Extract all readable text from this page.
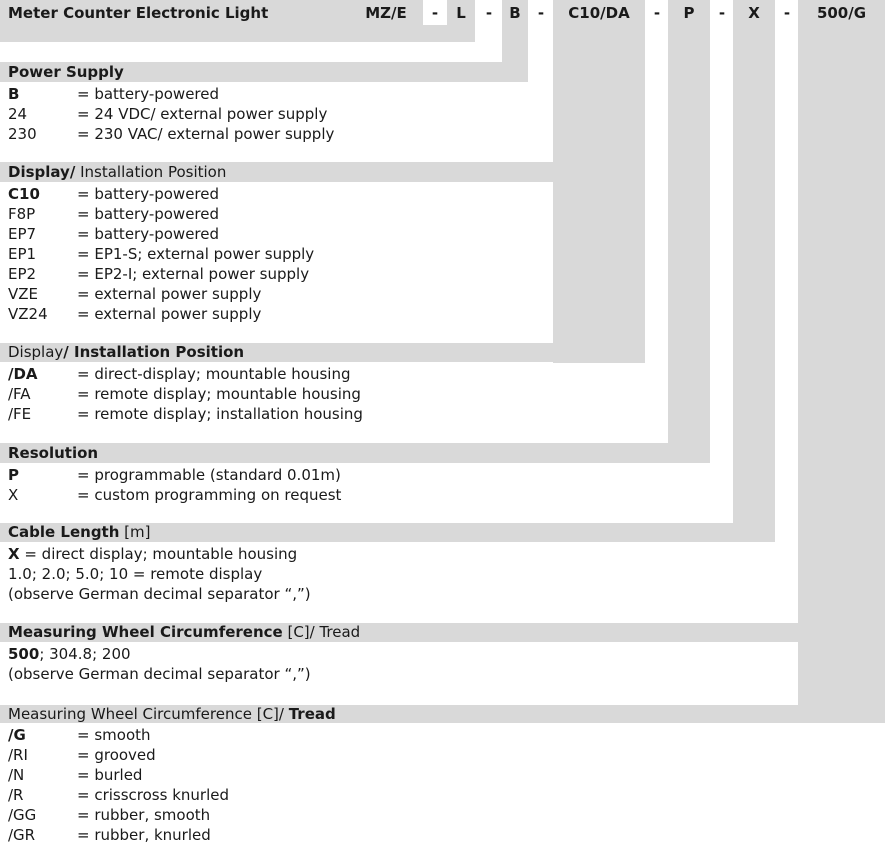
Meter Counter Electronic Light	MZ/E	-	L	-	B	-	C10/DA	-	P	-	X	-	500/G
Power Supply
B	= battery-powered
24	= 24 VDC/ external power supply
230	= 230 VAC/ external power supply
Display/ Installation Position
C10 = battery-powered
F8P	= battery-powered
EP7	= battery-powered
EP1	= EP1-S; external power supply
EP2	= EP2-I; external power supply
VZE	= external power supply
VZ24 = external power supply
Display/ Installation Position
/DA	= direct-display; mountable housing
/FA	= remote display; mountable housing
/FE	= remote display; installation housing
Resolution
P	= programmable (standard 0.01m)
X	= custom programming on request
Cable Length [m]
X = direct display; mountable housing
1.0; 2.0; 5.0; 10 = remote display
(observe German decimal separator “,”)
Measuring Wheel Circumference [C]/ Tread
500; 304.8; 200
(observe German decimal separator “,”)
Measuring Wheel Circumference [C]/ Tread
/G	= smooth
/RI	= grooved
/N	= burled
/R	= crisscross knurled
/GG	= rubber, smooth
/GR	= rubber, knurled
